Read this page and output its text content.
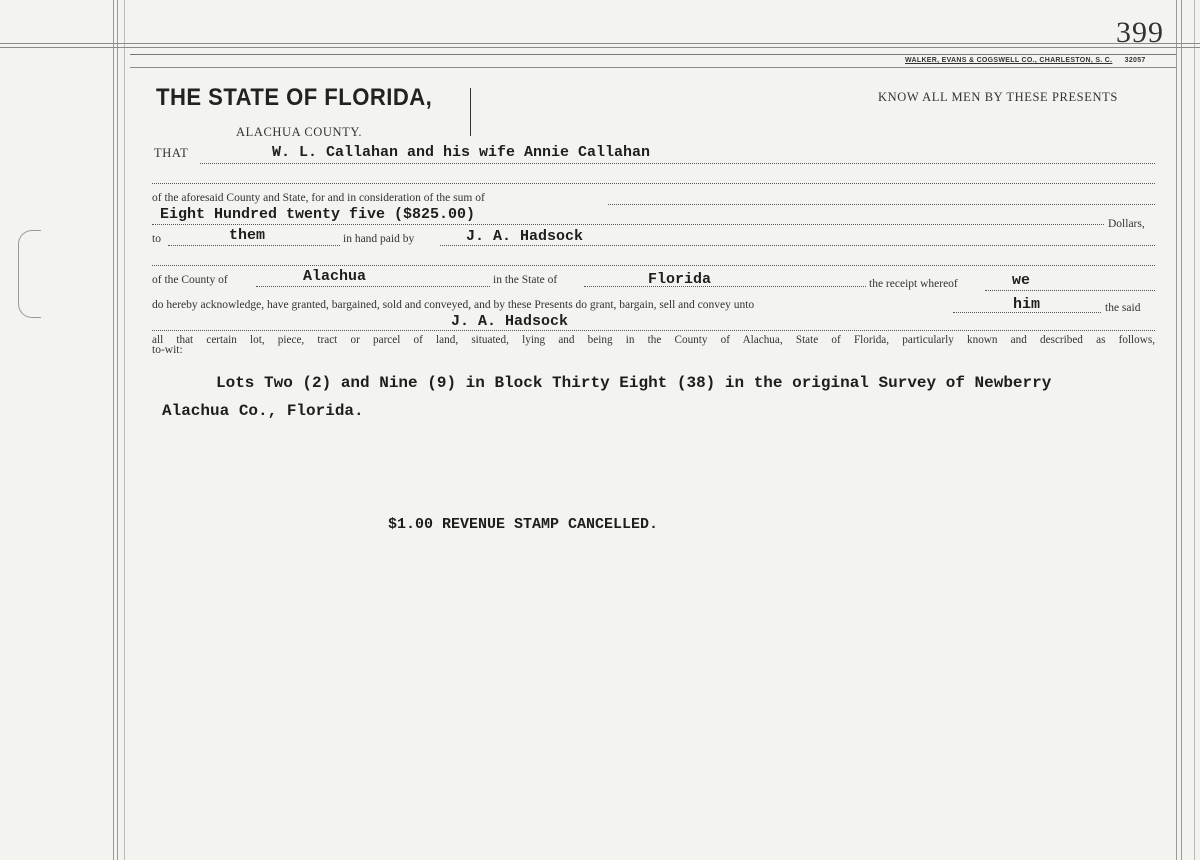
399
WALKER, EVANS & COGSWELL CO., CHARLESTON, S. C. 32057
THE STATE OF FLORIDA,
ALACHUA COUNTY.
KNOW ALL MEN BY THESE PRESENTS
THAT	W. L. Callahan and his wife Annie Callahan
of the aforesaid County and State, for and in consideration of the sum of
Eight Hundred twenty five ($825.00)
Dollars,
to	them	in hand paid by	J. A. Hadsock
of the County of	Alachua	in the State of	Florida	the receipt whereof	we
do hereby acknowledge, have granted, bargained, sold and conveyed, and by these Presents do grant, bargain, sell and convey unto	him	the said
J. A. Hadsock
all that certain lot, piece, tract or parcel of land, situated, lying and being in the County of Alachua, State of Florida, particularly known and described as follows,
to-wit:
Lots Two (2) and Nine (9) in Block Thirty Eight (38) in the original Survey of Newberry
Alachua Co., Florida.
$1.00 REVENUE STAMP CANCELLED.
